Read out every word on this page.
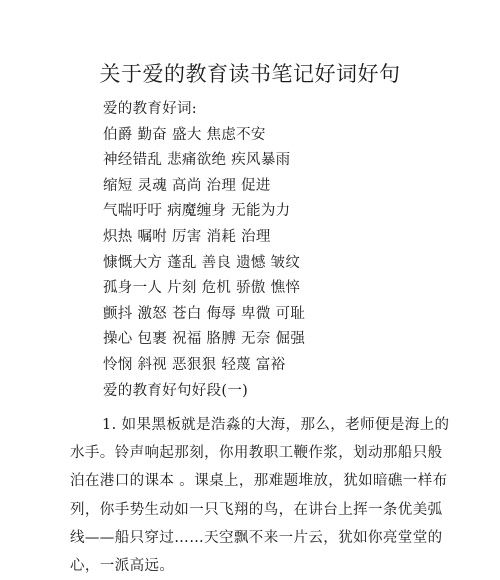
关于爱的教育读书笔记好词好句
爱的教育好词:
伯爵 勤奋 盛大 焦虑不安
神经错乱 悲痛欲绝 疾风暴雨
缩短 灵魂 高尚 治理 促进
气喘吁吁 病魔缠身 无能为力
炽热 嘱咐 厉害 消耗 治理
慷慨大方 蓬乱 善良 遗憾 皱纹
孤身一人 片刻 危机 骄傲 憔悴
颤抖 激怒 苍白 侮辱 卑微 可耻
操心 包裹 祝福 胳膊 无奈 倔强
怜悯 斜视 恶狠狠 轻蔑 富裕
爱的教育好句好段(一)
1. 如果黑板就是浩淼的大海，那么，老师便是海上的
水手。铃声响起那刻，你用教职工鞭作浆，划动那船只般
泊在港口的课本 。课桌上，那难题堆放，犹如暗礁一样布
列，你手势生动如一只飞翔的鸟，在讲台上挥一条优美弧
线——船只穿过……天空飘不来一片云，犹如你亮堂堂的
心，一派高远。
